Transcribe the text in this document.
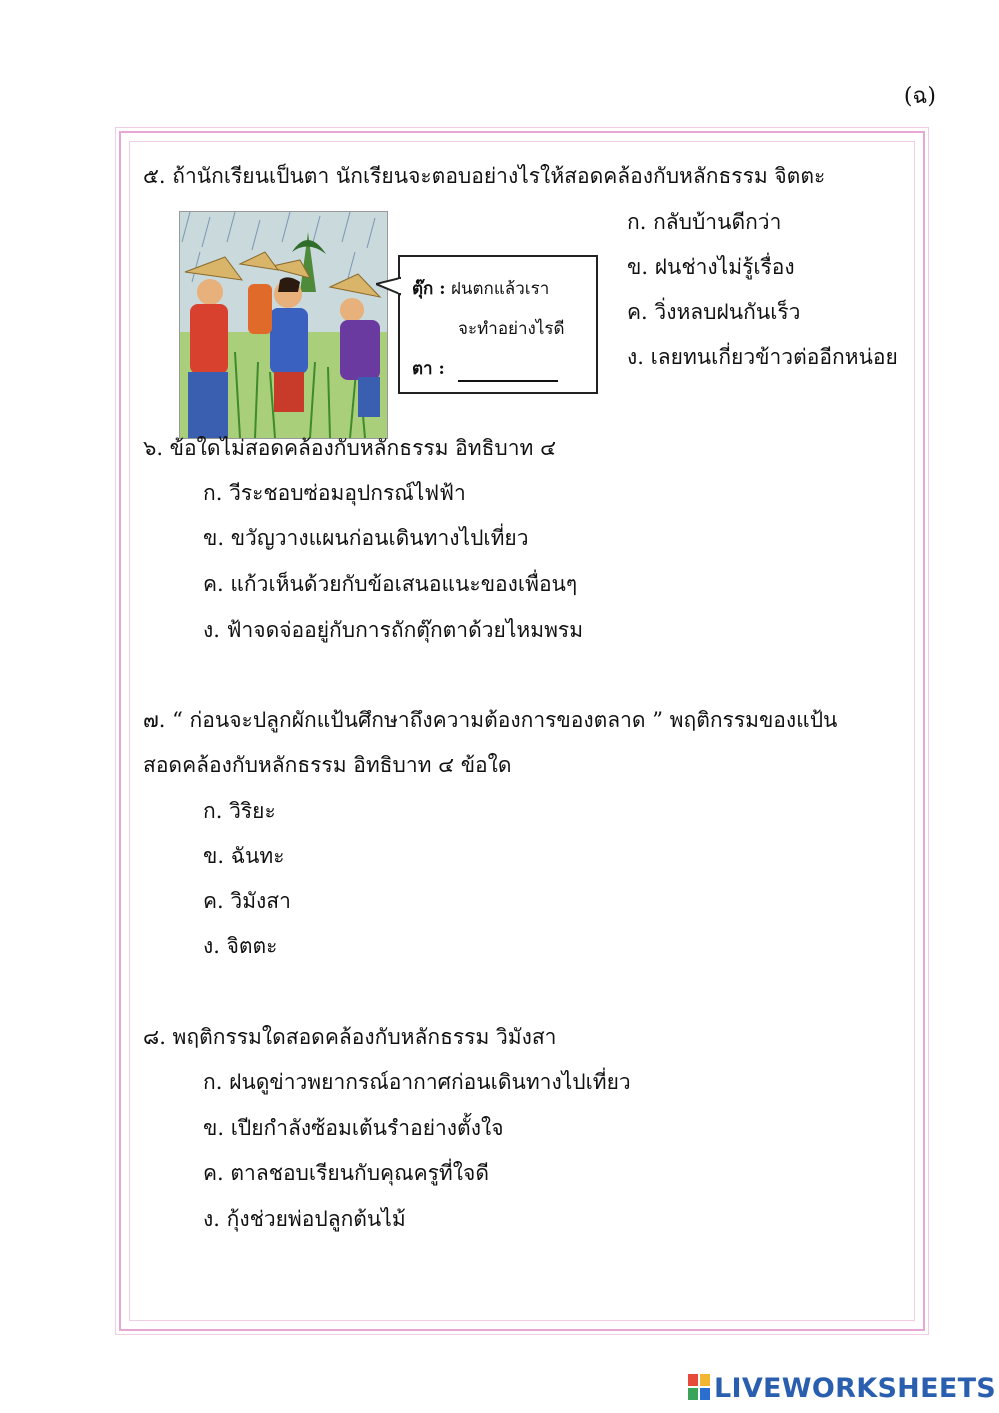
(ฉ)
๕. ถ้านักเรียนเป็นตา นักเรียนจะตอบอย่างไรให้สอดคล้องกับหลักธรรม จิตตะ
ตุ๊ก : ฝนตกแล้วเรา
จะทำอย่างไรดี
ตา :
ก. กลับบ้านดีกว่า
ข. ฝนช่างไม่รู้เรื่อง
ค. วิ่งหลบฝนกันเร็ว
ง. เลยทนเกี่ยวข้าวต่ออีกหน่อย
๖. ข้อใดไม่สอดคล้องกับหลักธรรม อิทธิบาท ๔
ก. วีระชอบซ่อมอุปกรณ์ไฟฟ้า
ข. ขวัญวางแผนก่อนเดินทางไปเที่ยว
ค. แก้วเห็นด้วยกับข้อเสนอแนะของเพื่อนๆ
ง. ฟ้าจดจ่ออยู่กับการถักตุ๊กตาด้วยไหมพรม
๗. “ ก่อนจะปลูกผักแป้นศึกษาถึงความต้องการของตลาด ” พฤติกรรมของแป้น
สอดคล้องกับหลักธรรม อิทธิบาท ๔ ข้อใด
ก. วิริยะ
ข. ฉันทะ
ค. วิมังสา
ง. จิตตะ
๘. พฤติกรรมใดสอดคล้องกับหลักธรรม วิมังสา
ก. ฝนดูข่าวพยากรณ์อากาศก่อนเดินทางไปเที่ยว
ข. เปียกำลังซ้อมเต้นรำอย่างตั้งใจ
ค. ตาลชอบเรียนกับคุณครูที่ใจดี
ง. กุ้งช่วยพ่อปลูกต้นไม้
LIVEWORKSHEETS
